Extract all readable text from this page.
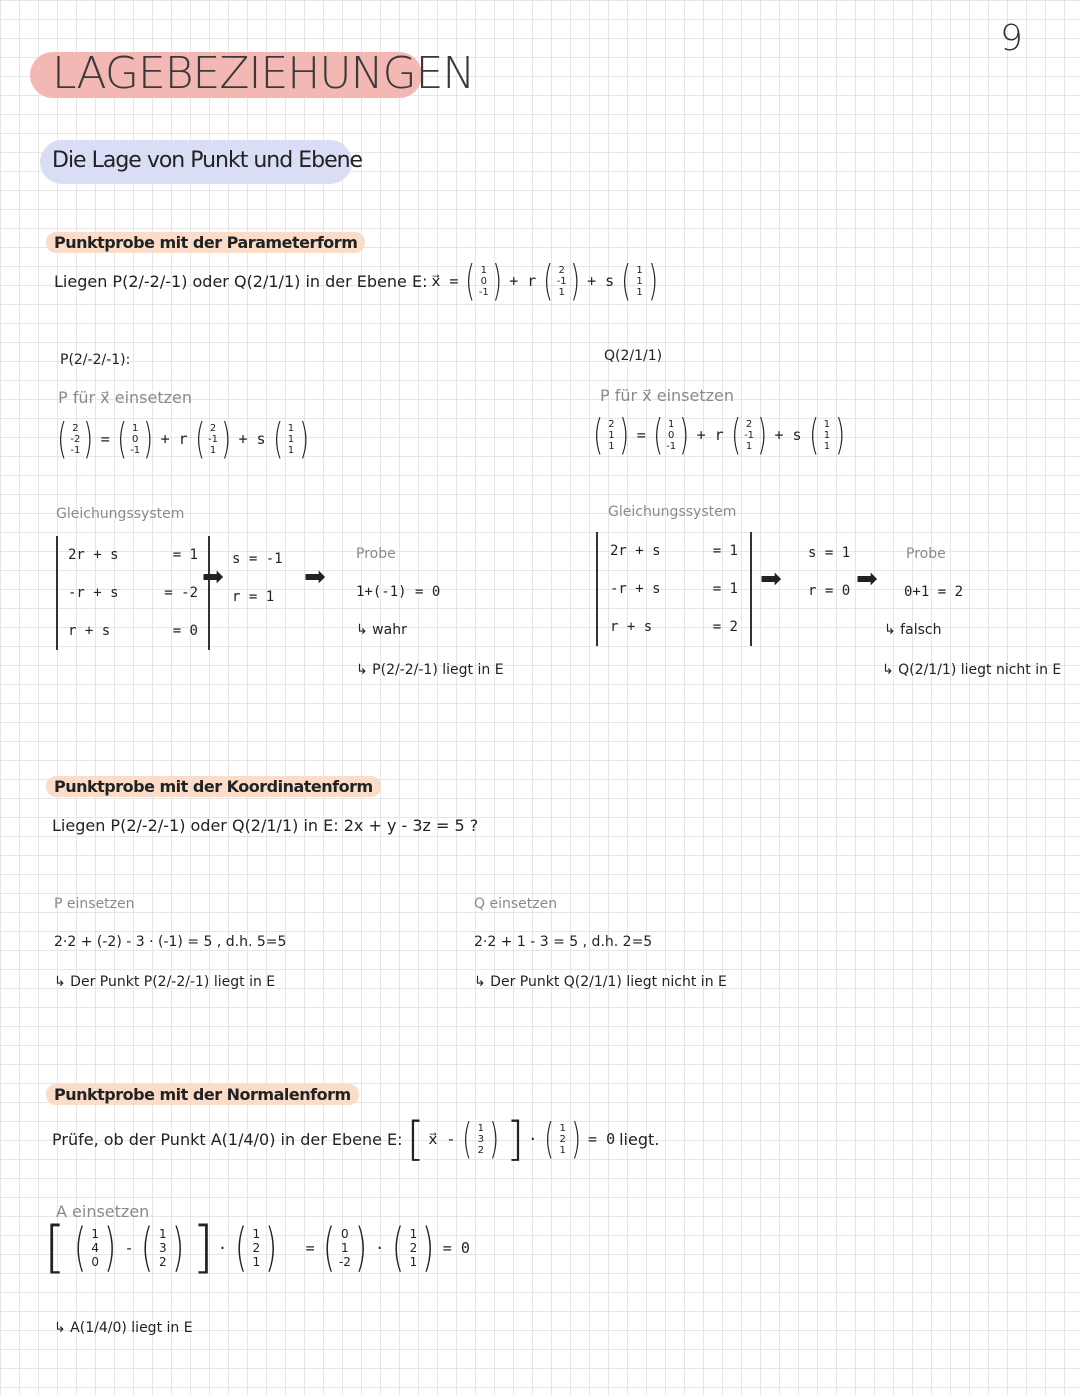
9
LAGEBEZIEHUNGEN
Die Lage von Punkt und Ebene
Punktprobe mit der Parameterform
Liegen P(2/-2/-1) oder Q(2/1/1) in der Ebene E: x⃗ = ( 1
0
-1 ) + r ( 2
-1
1 ) + s ( 1
1
1 )
P(2/-2/-1):
P für x⃗ einsetzen
( 2
-2
-1 ) = ( 1
0
-1 ) + r ( 2
-1
1 ) + s ( 1
1
1 )
Gleichungssystem
2r + s	= 1
-r + s	= -2
r + s	= 0
➡
s = -1
r = 1
➡
Probe
1+(-1) = 0
↳ wahr
↳ P(2/-2/-1) liegt in E
Q(2/1/1)
P für x⃗ einsetzen
( 2
1
1 ) = ( 1
0
-1 ) + r ( 2
-1
1 ) + s ( 1
1
1 )
Gleichungssystem
2r + s	= 1
-r + s	= 1
r + s	= 2
➡
s = 1
r = 0 ➡
Probe
0+1 = 2
↳ falsch
↳ Q(2/1/1) liegt nicht in E
Punktprobe mit der Koordinatenform
Liegen P(2/-2/-1) oder Q(2/1/1) in E: 2x + y - 3z = 5 ?
P einsetzen
2·2 + (-2) - 3 · (-1) = 5 , d.h. 5=5
↳ Der Punkt P(2/-2/-1) liegt in E
Q einsetzen
2·2 + 1 - 3 = 5 , d.h. 2=5
↳ Der Punkt Q(2/1/1) liegt nicht in E
Punktprobe mit der Normalenform
Prüfe, ob der Punkt A(1/4/0) in der Ebene E: [ x⃗ - ( 1
3
2 ) ] · ( 1
2
1 ) = 0 liegt.
A einsetzen
[ ( 1
4
0 ) - ( 1
3
2 ) ] · ( 1
2
1 ) = ( 0
1
-2 ) · ( 1
2
1 ) = 0
↳ A(1/4/0) liegt in E
